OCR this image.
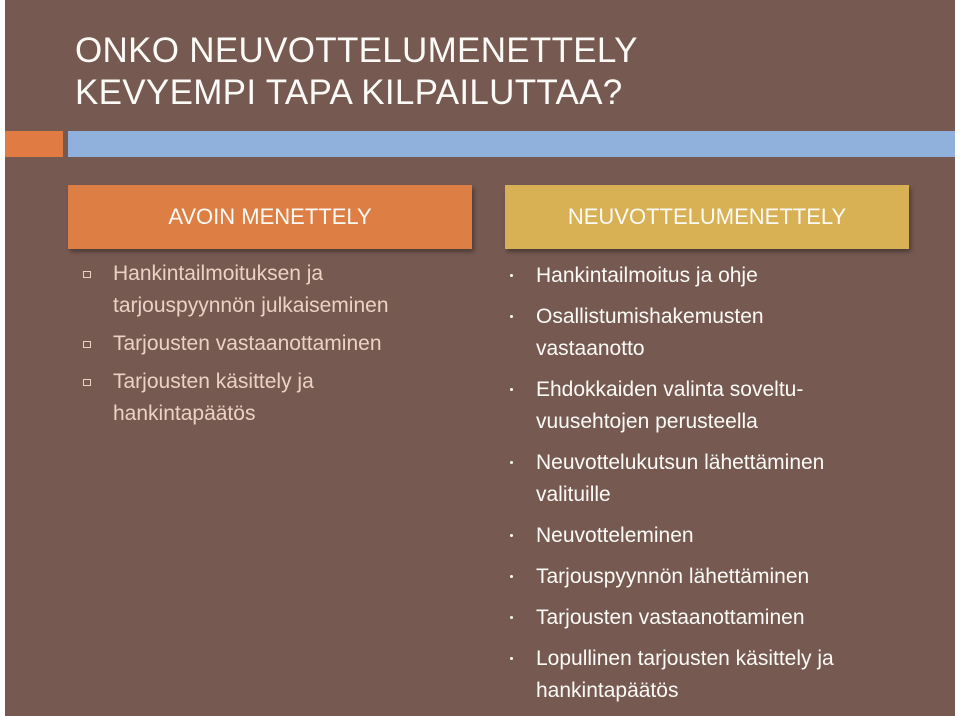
ONKO NEUVOTTELUMENETTELY
KEVYEMPI TAPA KILPAILUTTAA?
AVOIN MENETTELY	NEUVOTTELUMENETTELY
Hankintailmoituksen ja
tarjouspyynnön julkaiseminen
Tarjousten vastaanottaminen
Tarjousten käsittely ja
hankintapäätös
Hankintailmoitus ja ohje
Osallistumishakemusten
vastaanotto
Ehdokkaiden valinta soveltu-
vuusehtojen perusteella
Neuvottelukutsun lähettäminen
valituille
Neuvotteleminen
Tarjouspyynnön lähettäminen
Tarjousten vastaanottaminen
Lopullinen tarjousten käsittely ja
hankintapäätös
